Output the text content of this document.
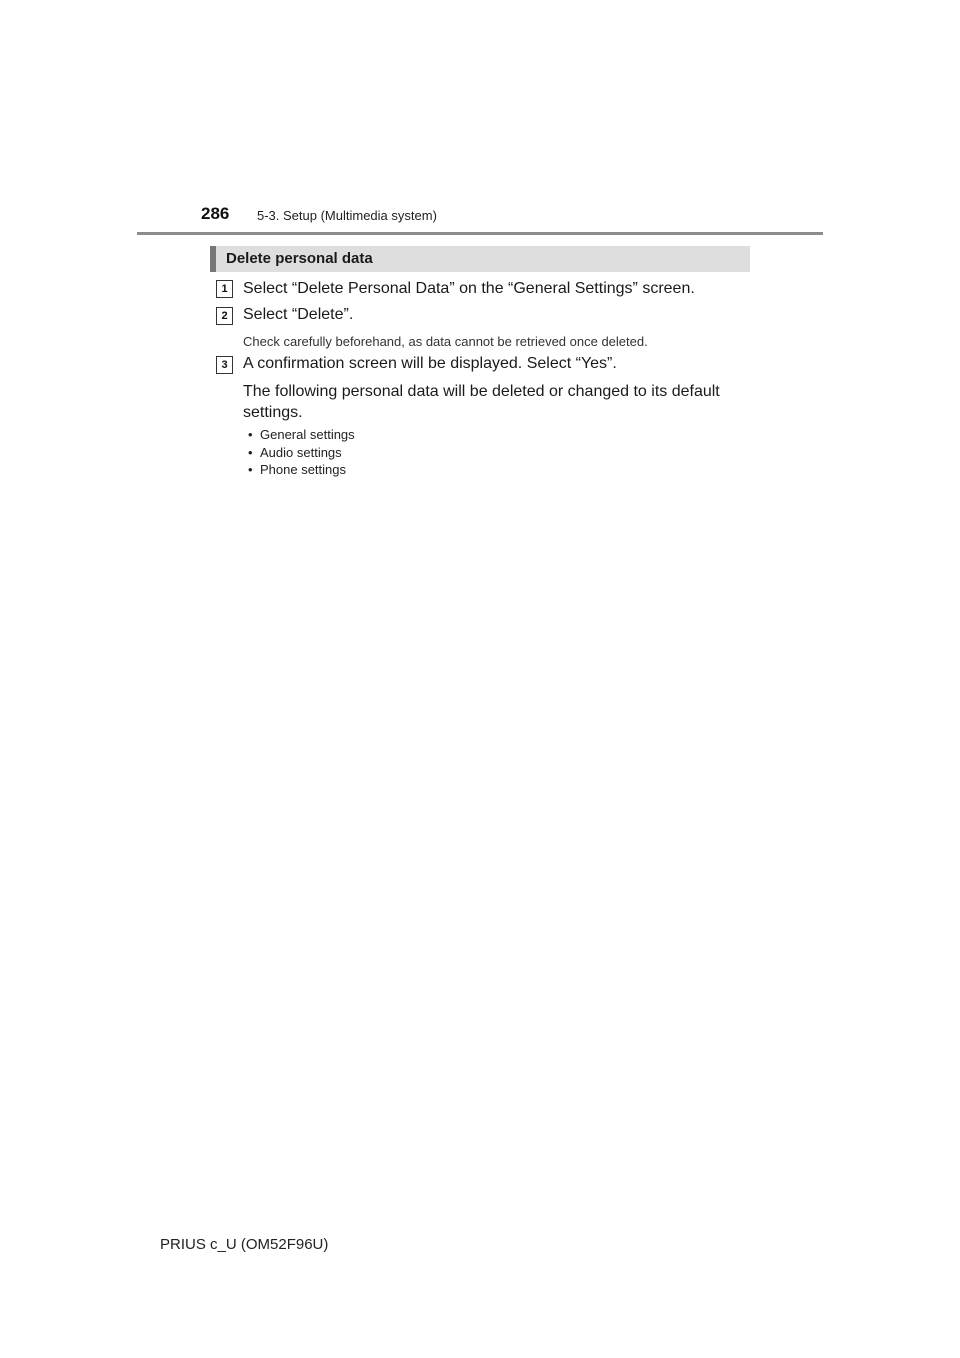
286 5-3. Setup (Multimedia system)
Delete personal data
1 Select “Delete Personal Data” on the “General Settings” screen.
2 Select “Delete”.
Check carefully beforehand, as data cannot be retrieved once deleted.
3 A confirmation screen will be displayed. Select “Yes”.
The following personal data will be deleted or changed to its default settings.
• General settings
• Audio settings
• Phone settings
PRIUS c_U (OM52F96U)
